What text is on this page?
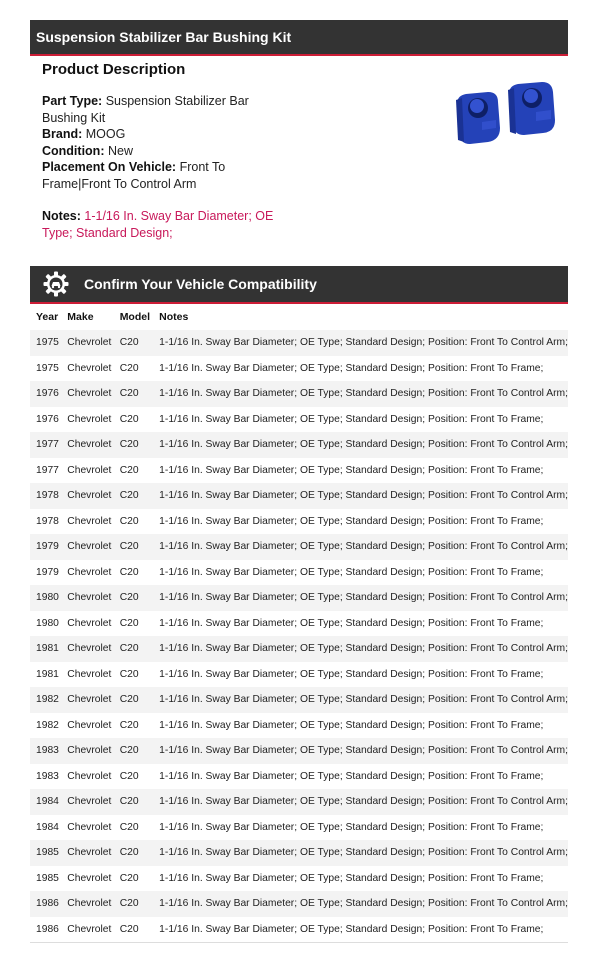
Suspension Stabilizer Bar Bushing Kit
Product Description
Part Type: Suspension Stabilizer Bar Bushing Kit
Brand: MOOG
Condition: New
Placement On Vehicle: Front To Frame|Front To Control Arm
Notes: 1-1/16 In. Sway Bar Diameter; OE Type; Standard Design;
Confirm Your Vehicle Compatibility
Year	Make	Model	Notes
1975	Chevrolet	C20	1-1/16 In. Sway Bar Diameter; OE Type; Standard Design; Position: Front To Control Arm;
1975	Chevrolet	C20	1-1/16 In. Sway Bar Diameter; OE Type; Standard Design; Position: Front To Frame;
1976	Chevrolet	C20	1-1/16 In. Sway Bar Diameter; OE Type; Standard Design; Position: Front To Control Arm;
1976	Chevrolet	C20	1-1/16 In. Sway Bar Diameter; OE Type; Standard Design; Position: Front To Frame;
1977	Chevrolet	C20	1-1/16 In. Sway Bar Diameter; OE Type; Standard Design; Position: Front To Control Arm;
1977	Chevrolet	C20	1-1/16 In. Sway Bar Diameter; OE Type; Standard Design; Position: Front To Frame;
1978	Chevrolet	C20	1-1/16 In. Sway Bar Diameter; OE Type; Standard Design; Position: Front To Control Arm;
1978	Chevrolet	C20	1-1/16 In. Sway Bar Diameter; OE Type; Standard Design; Position: Front To Frame;
1979	Chevrolet	C20	1-1/16 In. Sway Bar Diameter; OE Type; Standard Design; Position: Front To Control Arm;
1979	Chevrolet	C20	1-1/16 In. Sway Bar Diameter; OE Type; Standard Design; Position: Front To Frame;
1980	Chevrolet	C20	1-1/16 In. Sway Bar Diameter; OE Type; Standard Design; Position: Front To Control Arm;
1980	Chevrolet	C20	1-1/16 In. Sway Bar Diameter; OE Type; Standard Design; Position: Front To Frame;
1981	Chevrolet	C20	1-1/16 In. Sway Bar Diameter; OE Type; Standard Design; Position: Front To Control Arm;
1981	Chevrolet	C20	1-1/16 In. Sway Bar Diameter; OE Type; Standard Design; Position: Front To Frame;
1982	Chevrolet	C20	1-1/16 In. Sway Bar Diameter; OE Type; Standard Design; Position: Front To Control Arm;
1982	Chevrolet	C20	1-1/16 In. Sway Bar Diameter; OE Type; Standard Design; Position: Front To Frame;
1983	Chevrolet	C20	1-1/16 In. Sway Bar Diameter; OE Type; Standard Design; Position: Front To Control Arm;
1983	Chevrolet	C20	1-1/16 In. Sway Bar Diameter; OE Type; Standard Design; Position: Front To Frame;
1984	Chevrolet	C20	1-1/16 In. Sway Bar Diameter; OE Type; Standard Design; Position: Front To Control Arm;
1984	Chevrolet	C20	1-1/16 In. Sway Bar Diameter; OE Type; Standard Design; Position: Front To Frame;
1985	Chevrolet	C20	1-1/16 In. Sway Bar Diameter; OE Type; Standard Design; Position: Front To Control Arm;
1985	Chevrolet	C20	1-1/16 In. Sway Bar Diameter; OE Type; Standard Design; Position: Front To Frame;
1986	Chevrolet	C20	1-1/16 In. Sway Bar Diameter; OE Type; Standard Design; Position: Front To Control Arm;
1986	Chevrolet	C20	1-1/16 In. Sway Bar Diameter; OE Type; Standard Design; Position: Front To Frame;
